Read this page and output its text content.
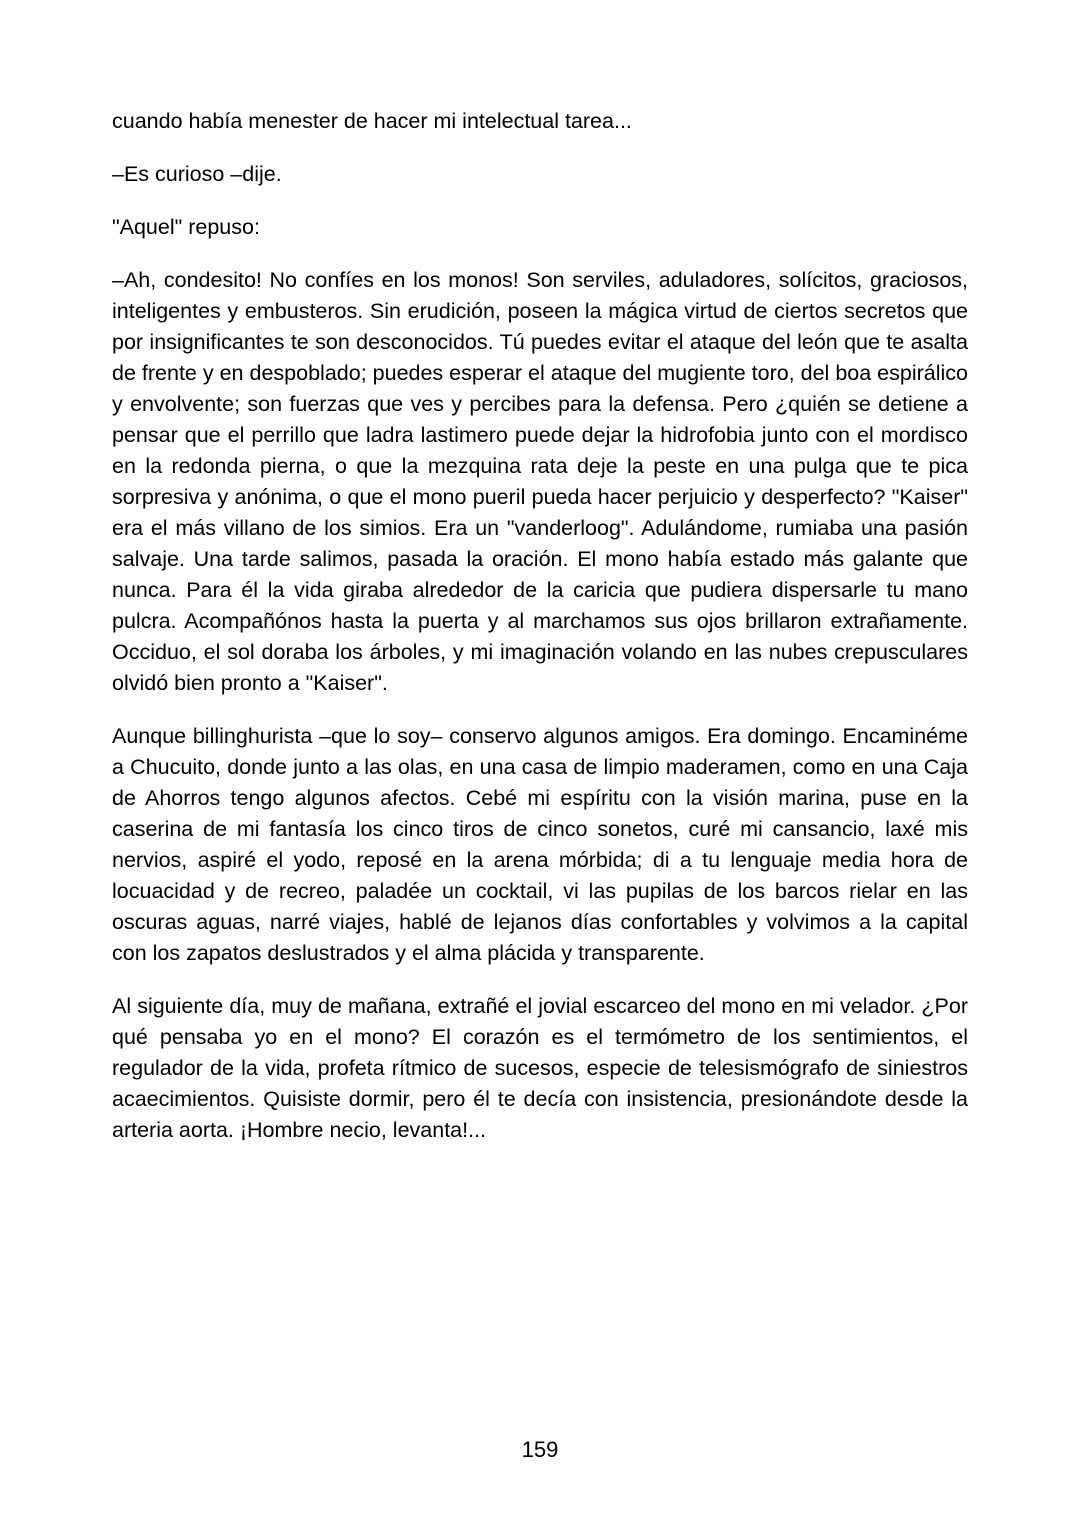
cuando había menester de hacer mi intelectual tarea...

–Es curioso –dije.

"Aquel" repuso:

–Ah, condesito! No confíes en los monos! Son serviles, aduladores, solícitos, graciosos, inteligentes y embusteros. Sin erudición, poseen la mágica virtud de ciertos secretos que por insignificantes te son desconocidos. Tú puedes evitar el ataque del león que te asalta de frente y en despoblado; puedes esperar el ataque del mugiente toro, del boa espirálico y envolvente; son fuerzas que ves y percibes para la defensa. Pero ¿quién se detiene a pensar que el perrillo que ladra lastimero puede dejar la hidrofobia junto con el mordisco en la redonda pierna, o que la mezquina rata deje la peste en una pulga que te pica sorpresiva y anónima, o que el mono pueril pueda hacer perjuicio y desperfecto? "Kaiser" era el más villano de los simios. Era un "vanderloog". Adulándome, rumiaba una pasión salvaje. Una tarde salimos, pasada la oración. El mono había estado más galante que nunca. Para él la vida giraba alrededor de la caricia que pudiera dispersarle tu mano pulcra. Acompañónos hasta la puerta y al marchamos sus ojos brillaron extrañamente. Occiduo, el sol doraba los árboles, y mi imaginación volando en las nubes crepusculares olvidó bien pronto a "Kaiser".

Aunque billinghurista –que lo soy– conservo algunos amigos. Era domingo. Encaminéme a Chucuito, donde junto a las olas, en una casa de limpio maderamen, como en una Caja de Ahorros tengo algunos afectos. Cebé mi espíritu con la visión marina, puse en la caserina de mi fantasía los cinco tiros de cinco sonetos, curé mi cansancio, laxé mis nervios, aspiré el yodo, reposé en la arena mórbida; di a tu lenguaje media hora de locuacidad y de recreo, paladée un cocktail, vi las pupilas de los barcos rielar en las oscuras aguas, narré viajes, hablé de lejanos días confortables y volvimos a la capital con los zapatos deslustrados y el alma plácida y transparente.

Al siguiente día, muy de mañana, extrañé el jovial escarceo del mono en mi velador. ¿Por qué pensaba yo en el mono? El corazón es el termómetro de los sentimientos, el regulador de la vida, profeta rítmico de sucesos, especie de telesismógrafo de siniestros acaecimientos. Quisiste dormir, pero él te decía con insistencia, presionándote desde la arteria aorta. ¡Hombre necio, levanta!...

159
